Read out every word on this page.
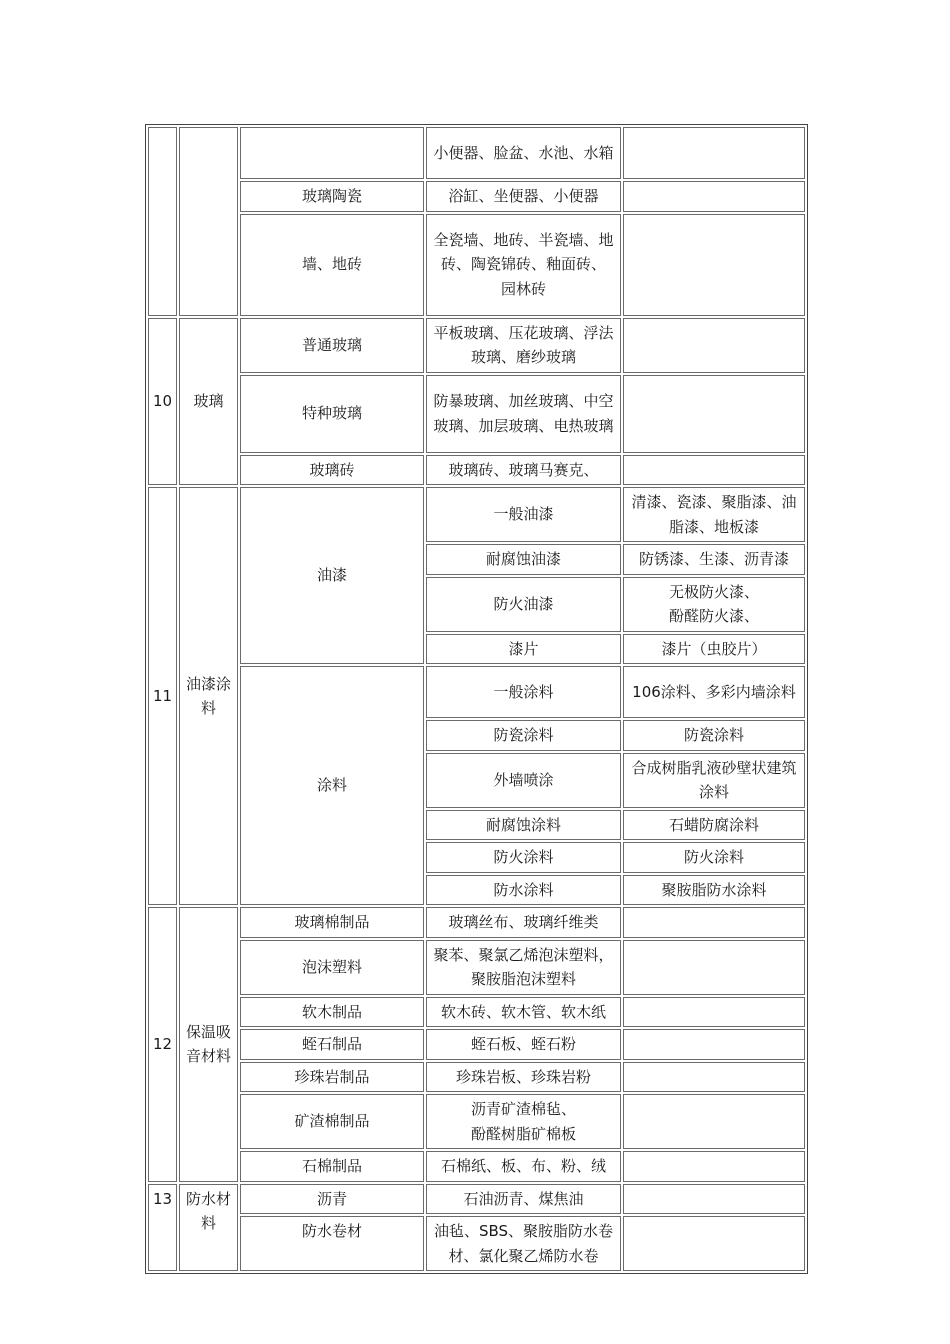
			小便器、脸盆、水池、水箱	
		玻璃陶瓷	浴缸、坐便器、小便器	
		墙、地砖	全瓷墙、地砖、半瓷墙、地砖、陶瓷锦砖、釉面砖、
园林砖	

10	玻璃	普通玻璃	平板玻璃、压花玻璃、浮法玻璃、磨纱玻璃	
		特种玻璃	防暴玻璃、加丝玻璃、中空玻璃、加层玻璃、电热玻璃	
		玻璃砖	玻璃砖、玻璃马赛克、	
11	油漆涂料	油漆	一般油漆	清漆、瓷漆、聚脂漆、油脂漆、地板漆
			耐腐蚀油漆	防锈漆、生漆、沥青漆
			防火油漆	无极防火漆、
酚醛防火漆、

			漆片	漆片（虫胶片）
		涂料	一般涂料	106涂料、多彩内墙涂料
			防瓷涂料	防瓷涂料
			外墙喷涂	合成树脂乳液砂壁状建筑涂料
			耐腐蚀涂料	石蜡防腐涂料
			防火涂料	防火涂料
			防水涂料	聚胺脂防水涂料
12	保温吸音材料	玻璃棉制品	玻璃丝布、玻璃纤维类	
		泡沫塑料	聚苯、聚氯乙烯泡沫塑料，聚胺脂泡沫塑料	
		软木制品	软木砖、软木管、软木纸	
		蛭石制品	蛭石板、蛭石粉	
		珍珠岩制品	珍珠岩板、珍珠岩粉	
		矿渣棉制品	沥青矿渣棉毡、
酚醛树脂矿棉板	

		石棉制品	石棉纸、板、布、粉、绒	
13	防水材料	沥青	石油沥青、煤焦油	
		防水卷材	油毡、SBS、聚胺脂防水卷材、氯化聚乙烯防水卷	
